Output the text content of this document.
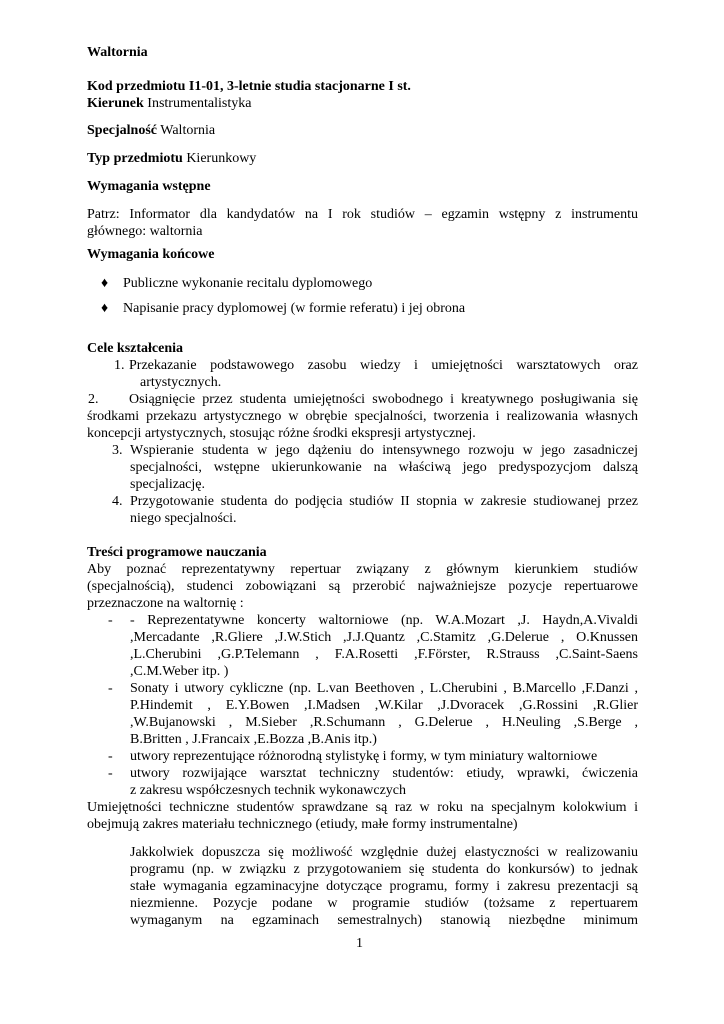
Waltornia
Kod przedmiotu I1-01, 3-letnie studia stacjonarne I st.
Kierunek Instrumentalistyka
Specjalność Waltornia
Typ przedmiotu Kierunkowy
Wymagania wstępne
Patrz: Informator dla kandydatów na I rok studiów – egzamin wstępny z instrumentu
głównego: waltornia
Wymagania końcowe
♦ Publiczne wykonanie recitalu dyplomowego
♦ Napisanie pracy dyplomowej (w formie referatu) i jej obrona
Cele kształcenia
1. Przekazanie podstawowego zasobu wiedzy i umiejętności warsztatowych oraz
artystycznych.
2. Osiągnięcie przez studenta umiejętności swobodnego i kreatywnego posługiwania się
środkami przekazu artystycznego w obrębie specjalności, tworzenia i realizowania własnych
koncepcji artystycznych, stosując różne środki ekspresji artystycznej.
3. Wspieranie studenta w jego dążeniu do intensywnego rozwoju w jego zasadniczej
specjalności, wstępne ukierunkowanie na właściwą jego predyspozycjom dalszą
specjalizację.
4. Przygotowanie studenta do podjęcia studiów II stopnia w zakresie studiowanej przez
niego specjalności.
Treści programowe nauczania
Aby poznać reprezentatywny repertuar związany z głównym kierunkiem studiów
(specjalnością), studenci zobowiązani są przerobić najważniejsze pozycje repertuarowe
przeznaczone na waltornię :
- - Reprezentatywne koncerty waltorniowe (np. W.A.Mozart ,J. Haydn,A.Vivaldi
,Mercadante ,R.Gliere ,J.W.Stich ,J.J.Quantz ,C.Stamitz ,G.Delerue , O.Knussen
,L.Cherubini ,G.P.Telemann , F.A.Rosetti ,F.Förster, R.Strauss ,C.Saint-Saens
,C.M.Weber itp. )
- Sonaty i utwory cykliczne (np. L.van Beethoven , L.Cherubini , B.Marcello ,F.Danzi ,
P.Hindemit , E.Y.Bowen ,I.Madsen ,W.Kilar ,J.Dvoracek ,G.Rossini ,R.Glier
,W.Bujanowski , M.Sieber ,R.Schumann , G.Delerue , H.Neuling ,S.Berge ,
B.Britten , J.Francaix ,E.Bozza ,B.Anis itp.)
- utwory reprezentujące różnorodną stylistykę i formy, w tym miniatury waltorniowe
- utwory rozwijające warsztat techniczny studentów: etiudy, wprawki, ćwiczenia
z zakresu współczesnych technik wykonawczych
Umiejętności techniczne studentów sprawdzane są raz w roku na specjalnym kolokwium i
obejmują zakres materiału technicznego (etiudy, małe formy instrumentalne)
Jakkolwiek dopuszcza się możliwość względnie dużej elastyczności w realizowaniu
programu (np. w związku z przygotowaniem się studenta do konkursów) to jednak
stałe wymagania egzaminacyjne dotyczące programu, formy i zakresu prezentacji są
niezmienne. Pozycje podane w programie studiów (tożsame z repertuarem
wymaganym na egzaminach semestralnych) stanowią niezbędne minimum
1
